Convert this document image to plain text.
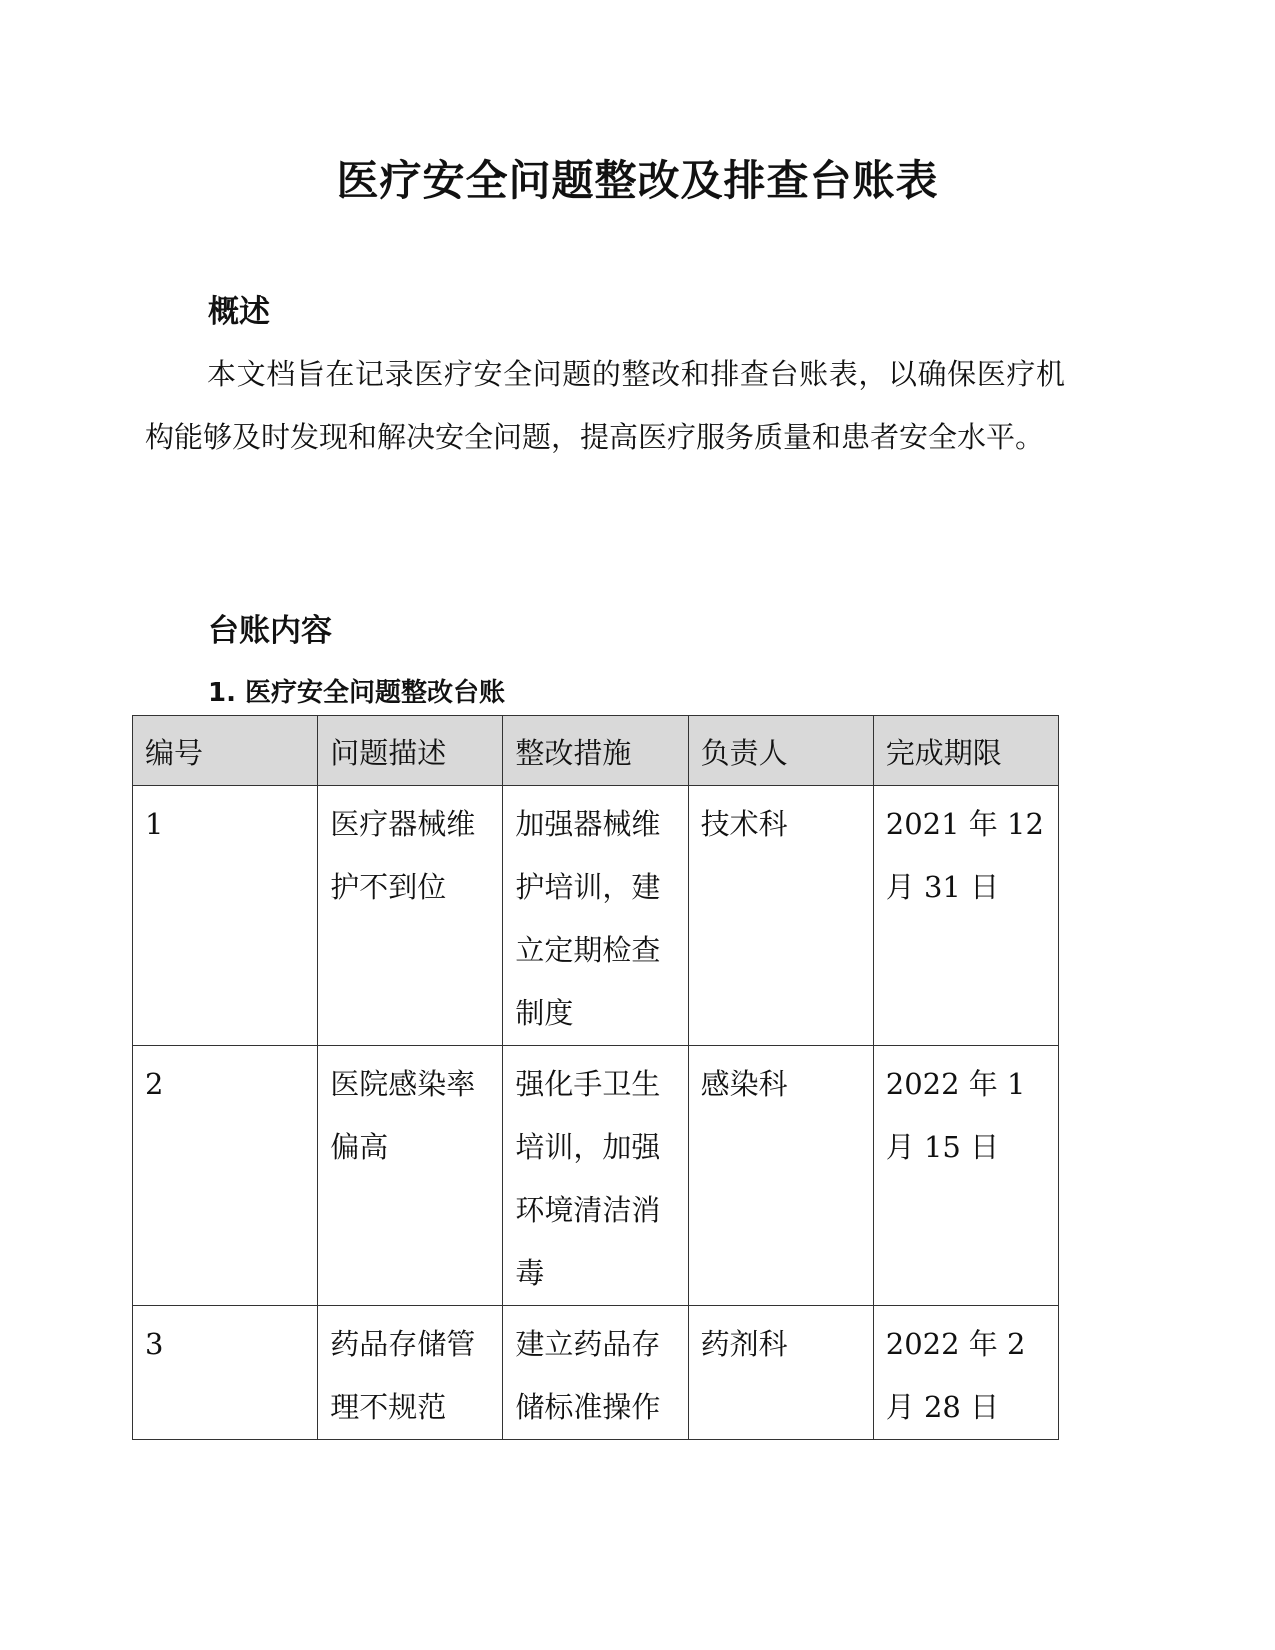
医疗安全问题整改及排查台账表
概述
本文档旨在记录医疗安全问题的整改和排查台账表，以确保医疗机构能够及时发现和解决安全问题，提高医疗服务质量和患者安全水平。
台账内容
1. 医疗安全问题整改台账
编号	问题描述	整改措施	负责人	完成期限
1	医疗器械维护不到位	加强器械维护培训，建立定期检查制度	技术科	2021 年 12 月 31 日
2	医院感染率偏高	强化手卫生培训，加强环境清洁消毒	感染科	2022 年 1 月 15 日
3	药品存储管理不规范	建立药品存储标准操作	药剂科	2022 年 2 月 28 日
